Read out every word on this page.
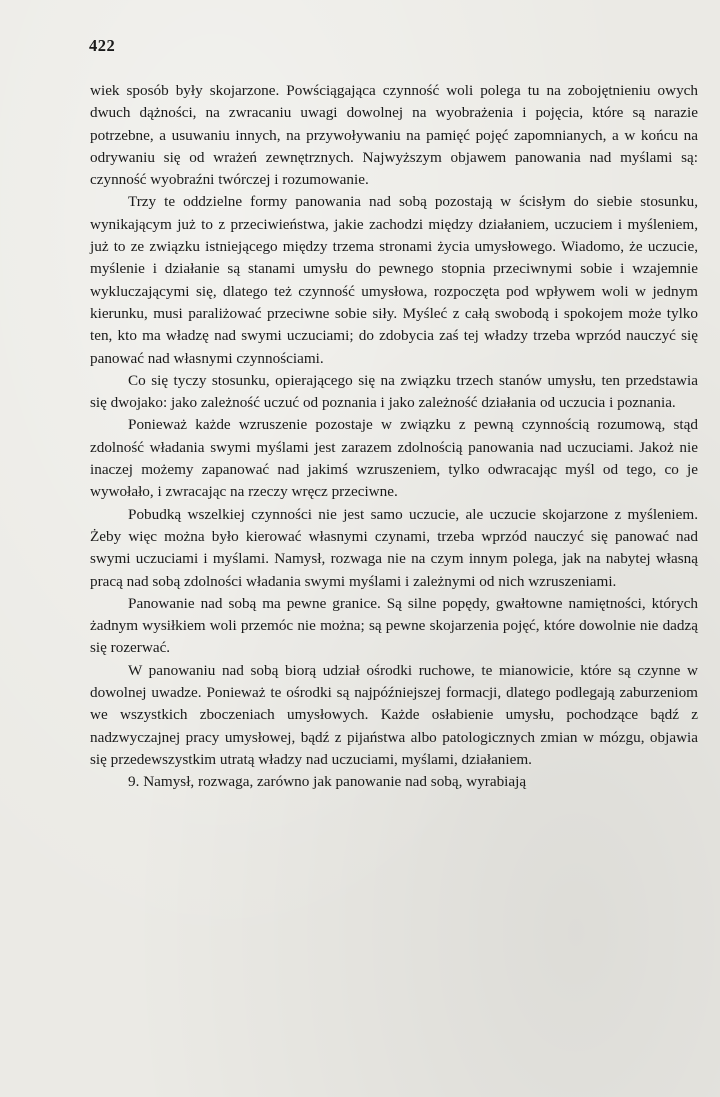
422

wiek sposób były skojarzone. Powściągająca czynność woli polega tu na zobojętnieniu owych dwuch dążności, na zwracaniu uwagi dowolnej na wyobrażenia i pojęcia, które są narazie potrzebne, a usuwaniu innych, na przywoływaniu na pamięć pojęć zapomnianych, a w końcu na odrywaniu się od wrażeń zewnętrznych. Najwyższym objawem panowania nad myślami są: czynność wyobraźni twórczej i rozumowanie.

Trzy te oddzielne formy panowania nad sobą pozostają w ścisłym do siebie stosunku, wynikającym już to z przeciwieństwa, jakie zachodzi między działaniem, uczuciem i myśleniem, już to ze związku istniejącego między trzema stronami życia umysłowego. Wiadomo, że uczucie, myślenie i działanie są stanami umysłu do pewnego stopnia przeciwnymi sobie i wzajemnie wykluczającymi się, dlatego też czynność umysłowa, rozpoczęta pod wpływem woli w jednym kierunku, musi paraliżować przeciwne sobie siły. Myśleć z całą swobodą i spokojem może tylko ten, kto ma władzę nad swymi uczuciami; do zdobycia zaś tej władzy trzeba wprzód nauczyć się panować nad własnymi czynnościami.

Co się tyczy stosunku, opierającego się na związku trzech stanów umysłu, ten przedstawia się dwojako: jako zależność uczuć od poznania i jako zależność działania od uczucia i poznania.

Ponieważ każde wzruszenie pozostaje w związku z pewną czynnością rozumową, stąd zdolność władania swymi myślami jest zarazem zdolnością panowania nad uczuciami. Jakoż nie inaczej możemy zapanować nad jakimś wzruszeniem, tylko odwracając myśl od tego, co je wywołało, i zwracając na rzeczy wręcz przeciwne.

Pobudką wszelkiej czynności nie jest samo uczucie, ale uczucie skojarzone z myśleniem. Żeby więc można było kierować własnymi czynami, trzeba wprzód nauczyć się panować nad swymi uczuciami i myślami. Namysł, rozwaga nie na czym innym polega, jak na nabytej własną pracą nad sobą zdolności władania swymi myślami i zależnymi od nich wzruszeniami.

Panowanie nad sobą ma pewne granice. Są silne popędy, gwałtowne namiętności, których żadnym wysiłkiem woli przemóc nie można; są pewne skojarzenia pojęć, które dowolnie nie dadzą się rozerwać.

W panowaniu nad sobą biorą udział ośrodki ruchowe, te mianowicie, które są czynne w dowolnej uwadze. Ponieważ te ośrodki są najpóźniejszej formacji, dlatego podlegają zaburzeniom we wszystkich zboczeniach umysłowych. Każde osłabienie umysłu, pochodzące bądź z nadzwyczajnej pracy umysłowej, bądź z pijaństwa albo patologicznych zmian w mózgu, objawia się przedewszystkim utratą władzy nad uczuciami, myślami, działaniem.

9. Namysł, rozwaga, zarówno jak panowanie nad sobą, wyrabiają
